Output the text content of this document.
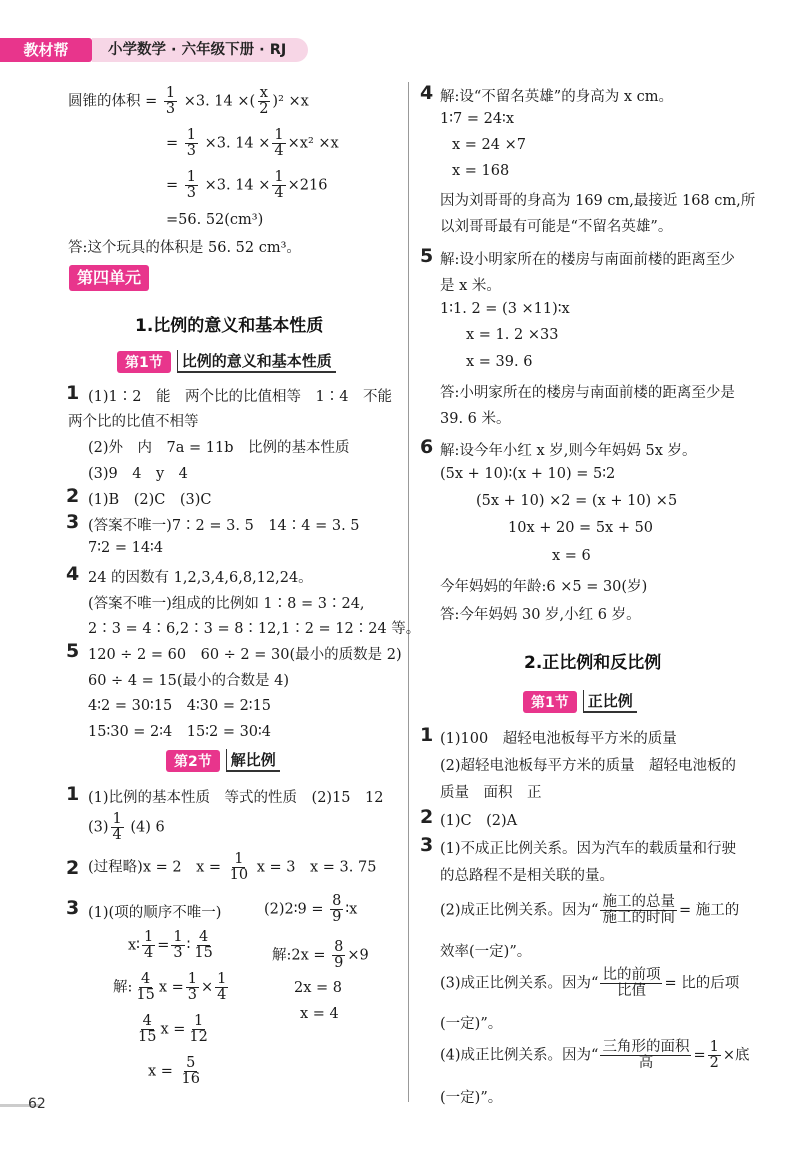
教材帮	小学数学 · 六年级下册 · RJ
圆锥的体积 = $\frac{1}{3} \times 3$. 14 ×( $\frac{x}{2} )^2 \times x$
= $\frac{1}{3} \times 3$. $14 \times \frac{1}{4} \times x^2 \times x$
= $\frac{1}{3} \times 3$. $14 \times \frac{1}{4} \times 216$
=56. 52(cm³)
答:这个玩具的体积是 56. 52 cm³。
第四单元
1.比例的意义和基本性质
第1节	比例的意义和基本性质
1 (1)1∶2　能　两个比的比值相等　1∶4　不能
两个比的比值不相等
(2)外　内　7a = 11b　比例的基本性质
(3)9　4　y　4
2 (1)B　(2)C　(3)C
3 (答案不唯一)7∶2 = 3. 5　14∶4 = 3. 5
7∶2 = 14∶4
4 24 的因数有 1,2,3,4,6,8,12,24。
(答案不唯一)组成的比例如 1∶8 = 3∶24,
2∶3 = 4∶6,2∶3 = 8∶12,1∶2 = 12∶24 等。
5 120 ÷ 2 = 60　60 ÷ 2 = 30(最小的质数是 2)
60 ÷ 4 = 15(最小的合数是 4)
4∶2 = 30∶15　4∶30 = 2∶15
15∶30 = 2∶4　15∶2 = 30∶4
第2节	解比例
1 (1)比例的基本性质　等式的性质　(2)15　12
$(3) \frac{1}{4} (4)$ 6
2 (过程略)x = 2　$x = \frac{1}{10}$ x = 3　x = 3. 75
3 (1)(项的顺序不唯一)	(2)2∶9 = $\frac{8}{9}$ ∶x
x∶ $\frac{1}{4} = \frac{1}{3}$ ∶ $\frac{4}{15}$	解:2x = $\frac{8}{9} \times 9$
解: $\frac{4}{15}$ $x = \frac{1}{3} \times \frac{1}{4}$	2x = 8
x = 4
$\frac{4}{15}$ $x = \frac{1}{12}$
$x = \frac{5}{16}$
4 解:设“不留名英雄”的身高为 x cm。
1∶7 = 24∶x
x = 24 ×7
x = 168
因为刘哥哥的身高为 169 cm,最接近 168 cm,所
以刘哥哥最有可能是“不留名英雄”。
5 解:设小明家所在的楼房与南面前楼的距离至少
是 x 米。
1∶1. 2 = (3 ×11)∶x
x = 1. 2 ×33
x = 39. 6
答:小明家所在的楼房与南面前楼的距离至少是
39. 6 米。
6 解:设今年小红 x 岁,则今年妈妈 5x 岁。
(5x + 10)∶(x + 10) = 5∶2
(5x + 10) ×2 = (x + 10) ×5
10x + 20 = 5x + 50
x = 6
今年妈妈的年龄:6 ×5 = 30(岁)
答:今年妈妈 30 岁,小红 6 岁。
2.正比例和反比例
第1节	正比例
1 (1)100　超轻电池板每平方米的质量
(2)超轻电池板每平方米的质量　超轻电池板的
质量　面积　正
2 (1)C　(2)A
3 (1)不成正比例关系。因为汽车的载质量和行驶
的总路程不是相关联的量。
(2)成正比例关系。因为“ $\frac{\text{施工的总量}}{\text{施工的时间}}$ = 施工的
效率(一定)”。
(3)成正比例关系。因为“ $\frac{\text{比的前项}}{\text{比值}}$ = 比的后项
(一定)”。
(4)成正比例关系。因为“ $\frac{\text{三角形的面积}}{\text{高}} = \frac{1}{2}$ ×底
(一定)”。
62
